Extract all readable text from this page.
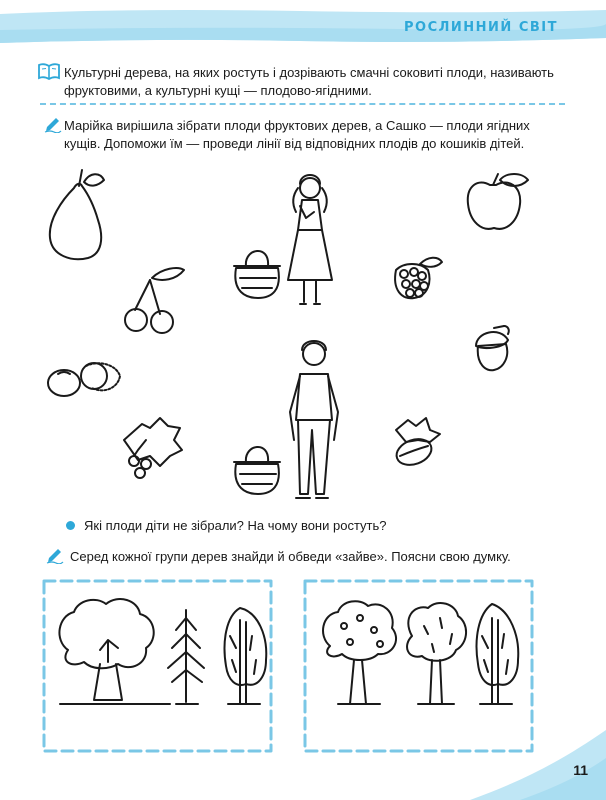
РОСЛИННИЙ СВІТ
Культурні дерева, на яких ростуть і дозрівають смачні соковиті плоди, називають фруктовими, а культурні кущі — плодово-ягідними.
Марійка вирішила зібрати плоди фруктових дерев, а Сашко — плоди ягідних кущів. Допоможи їм — проведи лінії від відповідних плодів до кошиків дітей.
Які плоди діти не зібрали? На чому вони ростуть?
Серед кожної групи дерев знайди й обведи «зайве». Поясни свою думку.
11
